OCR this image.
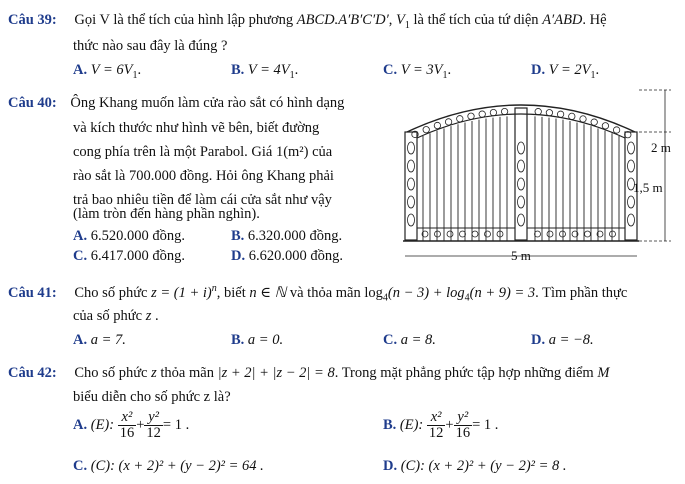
Câu 39: Gọi V là thể tích của hình lập phương ABCD.A′B′C′D′, $V_1$ là thể tích của tứ diện A′ABD. Hệ
thức nào sau đây là đúng ?
A. $V = 6V_1$.	B. $V = 4V_1$.	C. $V = 3V_1$.	D. $V = 2V_1$.
Câu 40: Ông Khang muốn làm cửa rào sắt có hình dạng
và kích thước như hình vẽ bên, biết đường
cong phía trên là một Parabol. Giá 1(m²) của
rào sắt là 700.000 đồng. Hỏi ông Khang phải
trả bao nhiêu tiền để làm cái cửa sắt như vậy
(làm tròn đến hàng phần nghìn).
A. 6.520.000 đồng.	B. 6.320.000 đồng.
C. 6.417.000 đồng.	D. 6.620.000 đồng.
2 m
1,5 m
5 m
Câu 41: Cho số phức $z = (1 + i)^n$, biết n ∈ ℕ và thỏa mãn $\log_4(n - 3) + \log_4(n + 9) = 3$. Tìm phần thực
của số phức z .
A. a = 7.	B. a = 0.	C. a = 8.	D. a = −8.
Câu 42: Cho số phức z thỏa mãn |z + 2| + |z − 2| = 8. Trong mặt phẳng phức tập hợp những điểm M
biểu diễn cho số phức z là?
A. (E): $\frac{\text{x²}}{16} + \frac{\text{y²}}{12} = 1$ .	B. (E): $\frac{\text{x²}}{12} + \frac{\text{y²}}{16} = 1$ .
C. (C): (x + 2)² + (y − 2)² = 64 .	D. (C): (x + 2)² + (y − 2)² = 8 .
